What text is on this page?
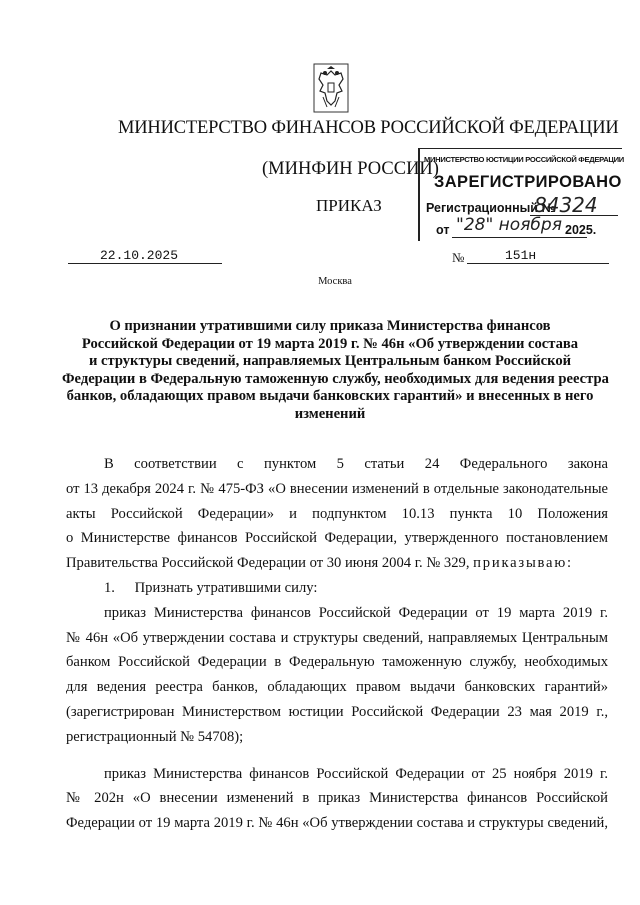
МИНИСТЕРСТВО ФИНАНСОВ РОССИЙСКОЙ ФЕДЕРАЦИИ
(МИНФИН РОССИИ)
ПРИКАЗ
МИНИСТЕРСТВО ЮСТИЦИИ РОССИЙСКОЙ ФЕДЕРАЦИИ
ЗАРЕГИСТРИРОВАНО
Регистрационный №
84324
от "28" ноября 2025.
22.10.2025	№	151н
Москва
О признании утратившими силу приказа Министерства финансов
Российской Федерации от 19 марта 2019 г. № 46н «Об утверждении состава
и структуры сведений, направляемых Центральным банком Российской
Федерации в Федеральную таможенную службу, необходимых для ведения реестра
банков, обладающих правом выдачи банковских гарантий» и внесенных в него
изменений
В соответствии с пунктом 5 статьи 24 Федерального закона
от 13 декабря 2024 г. № 475-ФЗ «О внесении изменений в отдельные законодательные
акты Российской Федерации» и подпунктом 10.13 пункта 10 Положения
о Министерстве финансов Российской Федерации, утвержденного постановлением
Правительства Российской Федерации от 30 июня 2004 г. № 329, приказываю:
1. Признать утратившими силу:
приказ Министерства финансов Российской Федерации от 19 марта 2019 г.
№ 46н «Об утверждении состава и структуры сведений, направляемых Центральным
банком Российской Федерации в Федеральную таможенную службу, необходимых
для ведения реестра банков, обладающих правом выдачи банковских гарантий»
(зарегистрирован Министерством юстиции Российской Федерации 23 мая 2019 г.,
регистрационный № 54708);
приказ Министерства финансов Российской Федерации от 25 ноября 2019 г.
№ 202н «О внесении изменений в приказ Министерства финансов Российской
Федерации от 19 марта 2019 г. № 46н «Об утверждении состава и структуры сведений,
